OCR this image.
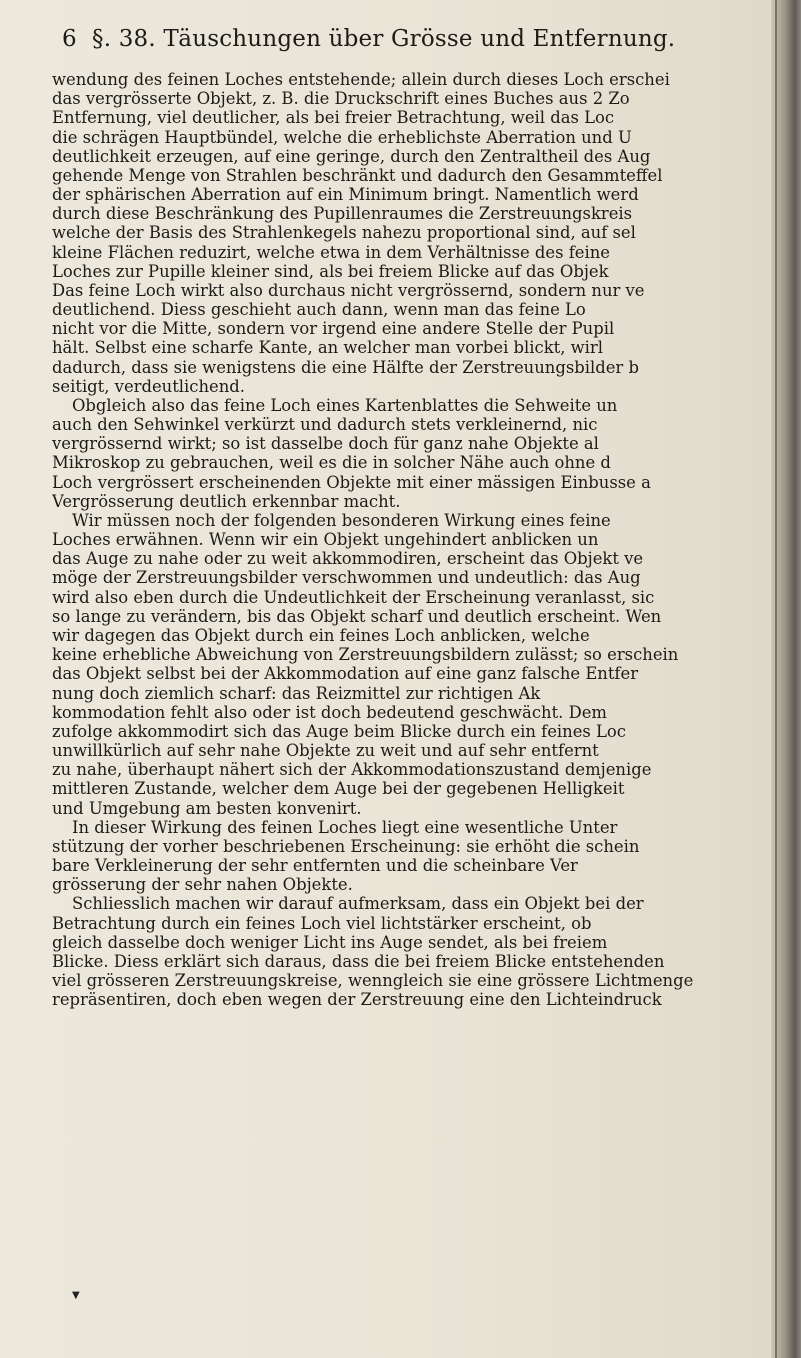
6 §. 38. Täuschungen über Grösse und Entfernung.
wendung des feinen Loches entstehende; allein durch dieses Loch erschei
das vergrösserte Objekt, z. B. die Druckschrift eines Buches aus 2 Zo
Entfernung, viel deutlicher, als bei freier Betrachtung, weil das Loc
die schrägen Hauptbündel, welche die erheblichste Aberration und U
deutlichkeit erzeugen, auf eine geringe, durch den Zentraltheil des Aug
gehende Menge von Strahlen beschränkt und dadurch den Gesammteffel
der sphärischen Aberration auf ein Minimum bringt. Namentlich werd
durch diese Beschränkung des Pupillenraumes die Zerstreuungskreis
welche der Basis des Strahlenkegels nahezu proportional sind, auf sel
kleine Flächen reduzirt, welche etwa in dem Verhältnisse des feine
Loches zur Pupille kleiner sind, als bei freiem Blicke auf das Objek
Das feine Loch wirkt also durchaus nicht vergrössernd, sondern nur ve
deutlichend. Diess geschieht auch dann, wenn man das feine Lo
nicht vor die Mitte, sondern vor irgend eine andere Stelle der Pupil
hält. Selbst eine scharfe Kante, an welcher man vorbei blickt, wirl
dadurch, dass sie wenigstens die eine Hälfte der Zerstreuungsbilder b
seitigt, verdeutlichend.
Obgleich also das feine Loch eines Kartenblattes die Sehweite un
auch den Sehwinkel verkürzt und dadurch stets verkleinernd, nic
vergrössernd wirkt; so ist dasselbe doch für ganz nahe Objekte al
Mikroskop zu gebrauchen, weil es die in solcher Nähe auch ohne d
Loch vergrössert erscheinenden Objekte mit einer mässigen Einbusse a
Vergrösserung deutlich erkennbar macht.
Wir müssen noch der folgenden besonderen Wirkung eines feine
Loches erwähnen. Wenn wir ein Objekt ungehindert anblicken un
das Auge zu nahe oder zu weit akkommodiren, erscheint das Objekt ve
möge der Zerstreuungsbilder verschwommen und undeutlich: das Aug
wird also eben durch die Undeutlichkeit der Erscheinung veranlasst, sic
so lange zu verändern, bis das Objekt scharf und deutlich erscheint. Wen
wir dagegen das Objekt durch ein feines Loch anblicken, welche
keine erhebliche Abweichung von Zerstreuungsbildern zulässt; so erschein
das Objekt selbst bei der Akkommodation auf eine ganz falsche Entfer
nung doch ziemlich scharf: das Reizmittel zur richtigen Ak
kommodation fehlt also oder ist doch bedeutend geschwächt. Dem
zufolge akkommodirt sich das Auge beim Blicke durch ein feines Loc
unwillkürlich auf sehr nahe Objekte zu weit und auf sehr entfernt
zu nahe, überhaupt nähert sich der Akkommodationszustand demjenige
mittleren Zustande, welcher dem Auge bei der gegebenen Helligkeit
und Umgebung am besten konvenirt.
In dieser Wirkung des feinen Loches liegt eine wesentliche Unter
stützung der vorher beschriebenen Erscheinung: sie erhöht die schein
bare Verkleinerung der sehr entfernten und die scheinbare Ver
grösserung der sehr nahen Objekte.
Schliesslich machen wir darauf aufmerksam, dass ein Objekt bei der
Betrachtung durch ein feines Loch viel lichtstärker erscheint, ob
gleich dasselbe doch weniger Licht ins Auge sendet, als bei freiem
Blicke. Diess erklärt sich daraus, dass die bei freiem Blicke entstehenden
viel grösseren Zerstreuungskreise, wenngleich sie eine grössere Lichtmenge
repräsentiren, doch eben wegen der Zerstreuung eine den Lichteindruck
▼
